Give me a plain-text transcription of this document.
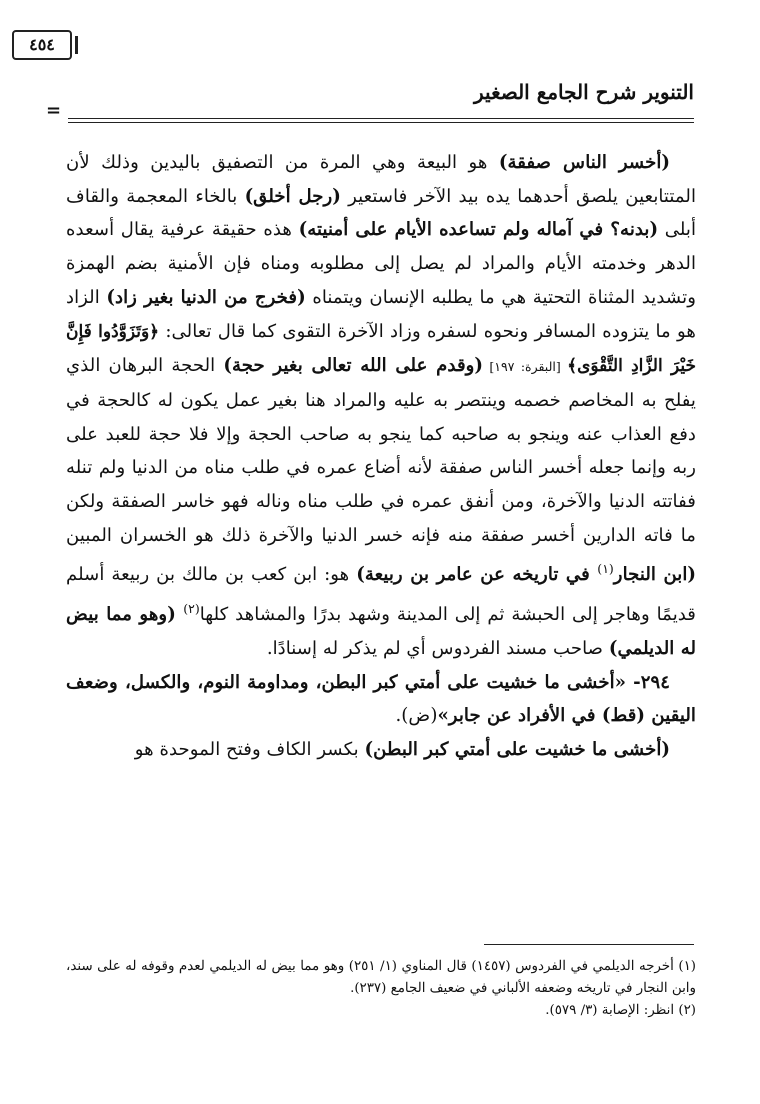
التنوير شرح الجامع الصغير
=
٤٥٤

(أخسر الناس صفقة) هو البيعة وهي المرة من التصفيق باليدين وذلك لأن المتتابعين يلصق أحدهما يده بيد الآخر فاستعير (رجل أخلق) بالخاء المعجمة والقاف أبلى (بدنه؟ في آماله ولم تساعده الأيام على أمنيته) هذه حقيقة عرفية يقال أسعده الدهر وخدمته الأيام والمراد لم يصل إلى مطلوبه ومناه فإن الأمنية بضم الهمزة وتشديد المثناة التحتية هي ما يطلبه الإنسان ويتمناه (فخرج من الدنيا بغير زاد) الزاد هو ما يتزوده المسافر ونحوه لسفره وزاد الآخرة التقوى كما قال تعالى: ﴿وَتَزَوَّدُوا فَإِنَّ خَيْرَ الزَّادِ التَّقْوَى﴾ [البقرة: ١٩٧] (وقدم على الله تعالى بغير حجة) الحجة البرهان الذي يفلح به المخاصم خصمه وينتصر به عليه والمراد هنا بغير عمل يكون له كالحجة في دفع العذاب عنه وينجو به صاحبه كما ينجو به صاحب الحجة وإلا فلا حجة للعبد على ربه وإنما جعله أخسر الناس صفقة لأنه أضاع عمره في طلب مناه من الدنيا ولم تنله ففاتته الدنيا والآخرة، ومن أنفق عمره في طلب مناه وناله فهو خاسر الصفقة ولكن ما فاته الدارين أخسر صفقة منه فإنه خسر الدنيا والآخرة ذلك هو الخسران المبين (ابن النجار$^{(١)}$ في تاريخه عن عامر بن ربيعة) هو: ابن كعب بن مالك بن ربيعة أسلم قديمًا وهاجر إلى الحبشة ثم إلى المدينة وشهد بدرًا والمشاهد كلها$^{(٢)}$ (وهو مما بيض له الديلمي) صاحب مسند الفردوس أي لم يذكر له إسنادًا.

٢٩٤- «أخشى ما خشيت على أمتي كبر البطن، ومداومة النوم، والكسل، وضعف اليقين (قط) في الأفراد عن جابر»(ض).

(أخشى ما خشيت على أمتي كبر البطن) بكسر الكاف وفتح الموحدة هو

(١) أخرجه الديلمي في الفردوس (١٤٥٧) قال المناوي (١/ ٢٥١) وهو مما بيض له الديلمي لعدم وقوفه له على سند، وابن النجار في تاريخه وضعفه الألباني في ضعيف الجامع (٢٣٧).

(٢) انظر: الإصابة (٣/ ٥٧٩).
